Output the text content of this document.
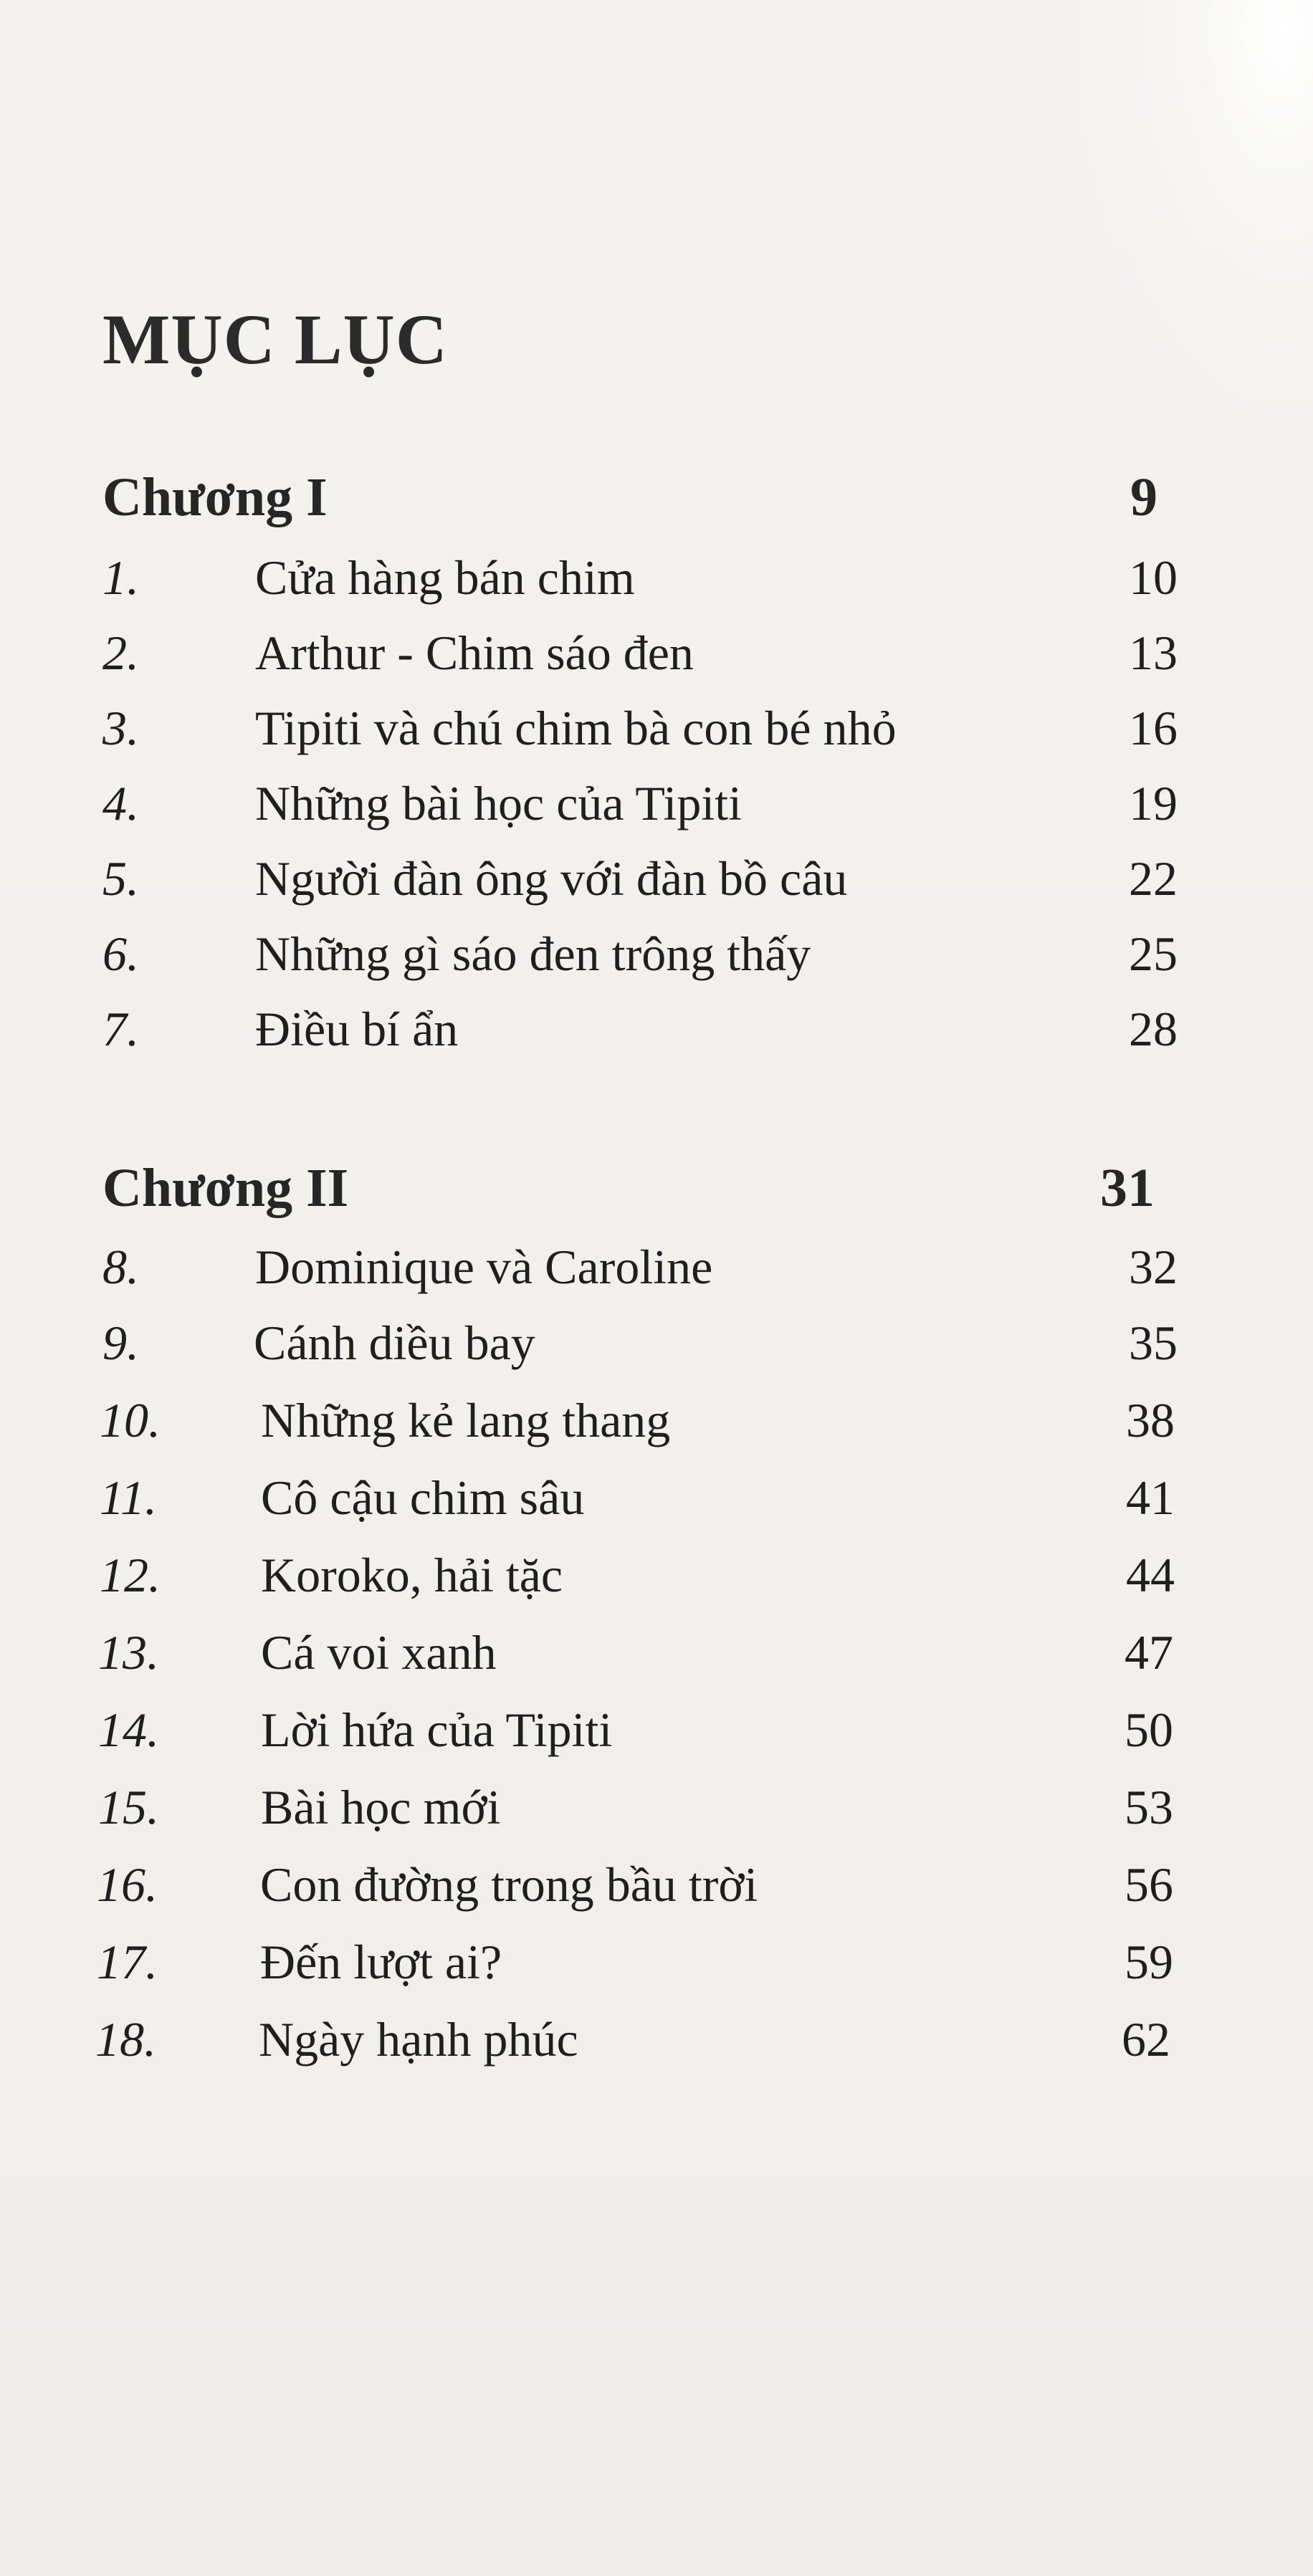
MỤC LỤC
Chương I	9
1. Cửa hàng bán chim	10
2. Arthur - Chim sáo đen	13
3. Tipiti và chú chim bà con bé nhỏ	16
4. Những bài học của Tipiti	19
5. Người đàn ông với đàn bồ câu	22
6. Những gì sáo đen trông thấy	25
7. Điều bí ẩn	28
Chương II	31
8. Dominique và Caroline	32
9. Cánh diều bay	35
10. Những kẻ lang thang	38
11. Cô cậu chim sâu	41
12. Koroko, hải tặc	44
13. Cá voi xanh	47
14. Lời hứa của Tipiti	50
15. Bài học mới	53
16. Con đường trong bầu trời	56
17. Đến lượt ai?	59
18. Ngày hạnh phúc	62
